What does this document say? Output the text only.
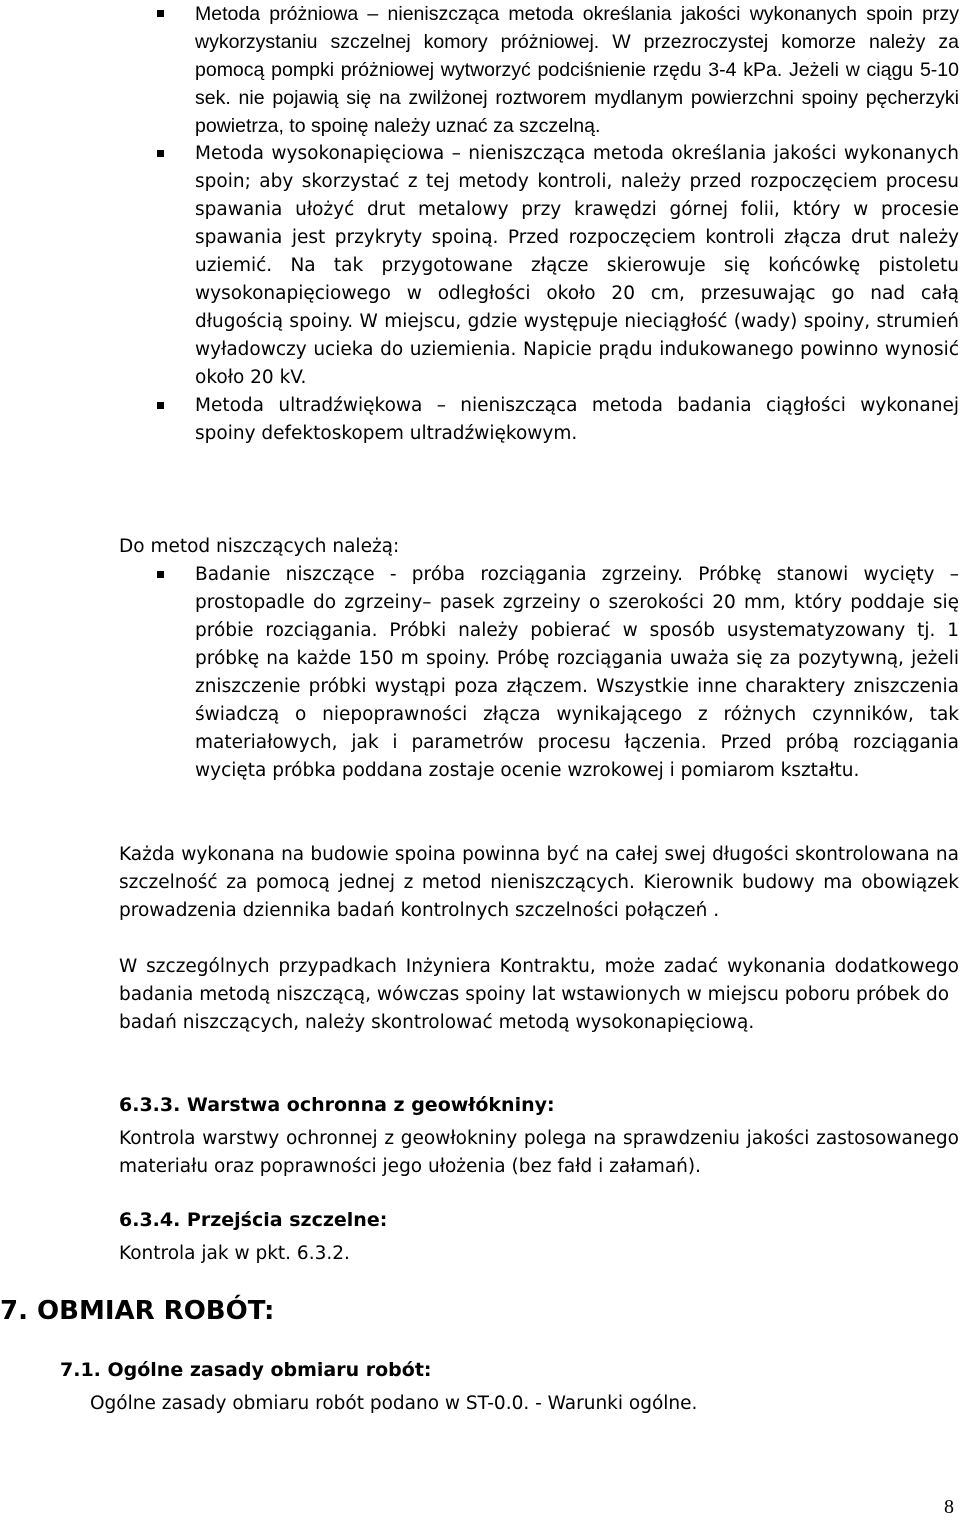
Metoda próżniowa – nieniszcząca metoda określania jakości wykonanych spoin przy wykorzystaniu szczelnej komory próżniowej. W przezroczystej komorze należy za pomocą pompki próżniowej wytworzyć podciśnienie rzędu 3-4 kPa. Jeżeli w ciągu 5-10 sek. nie pojawią się na zwilżonej roztworem mydlanym powierzchni spoiny pęcherzyki powietrza, to spoinę należy uznać za szczelną.
Metoda wysokonapięciowa – nieniszcząca metoda określania jakości wykonanych spoin; aby skorzystać z tej metody kontroli, należy przed rozpoczęciem procesu spawania ułożyć drut metalowy przy krawędzi górnej folii, który w procesie spawania jest przykryty spoiną. Przed rozpoczęciem kontroli złącza drut należy uziemić. Na tak przygotowane złącze skierowuje się końcówkę pistoletu wysokonapięciowego w odległości około 20 cm, przesuwając go nad całą długością spoiny. W miejscu, gdzie występuje nieciągłość (wady) spoiny, strumień wyładowczy ucieka do uziemienia. Napicie prądu indukowanego powinno wynosić około 20 kV.
Metoda ultradźwiękowa – nieniszcząca metoda badania ciągłości wykonanej spoiny defektoskopem ultradźwiękowym.

Do metod niszczących należą:

Badanie niszczące - próba rozciągania zgrzeiny. Próbkę stanowi wycięty – prostopadle do zgrzeiny– pasek zgrzeiny o szerokości 20 mm, który poddaje się próbie rozciągania. Próbki należy pobierać w sposób usystematyzowany tj. 1 próbkę na każde 150 m spoiny. Próbę rozciągania uważa się za pozytywną, jeżeli zniszczenie próbki wystąpi poza złączem. Wszystkie inne charaktery zniszczenia świadczą o niepoprawności złącza wynikającego z różnych czynników, tak materiałowych, jak i parametrów procesu łączenia. Przed próbą rozciągania wycięta próbka poddana zostaje ocenie wzrokowej i pomiarom kształtu.

Każda wykonana na budowie spoina powinna być na całej swej długości skontrolowana na szczelność za pomocą jednej z metod nieniszczących. Kierownik budowy ma obowiązek prowadzenia dziennika badań kontrolnych szczelności połączeń .

W szczególnych przypadkach Inżyniera Kontraktu, może zadać wykonania dodatkowego badania metodą niszczącą, wówczas spoiny lat wstawionych w miejscu poboru próbek do
badań niszczących, należy skontrolować metodą wysokonapięciową.

6.3.3. Warstwa ochronna z geowłókniny:

Kontrola warstwy ochronnej z geowłokniny polega na sprawdzeniu jakości zastosowanego materiału oraz poprawności jego ułożenia (bez fałd i załamań).

6.3.4. Przejścia szczelne:

Kontrola jak w pkt. 6.3.2.

7. OBMIAR ROBÓT:
7.1. Ogólne zasady obmiaru robót:

Ogólne zasady obmiaru robót podano w ST-0.0. - Warunki ogólne.

8
